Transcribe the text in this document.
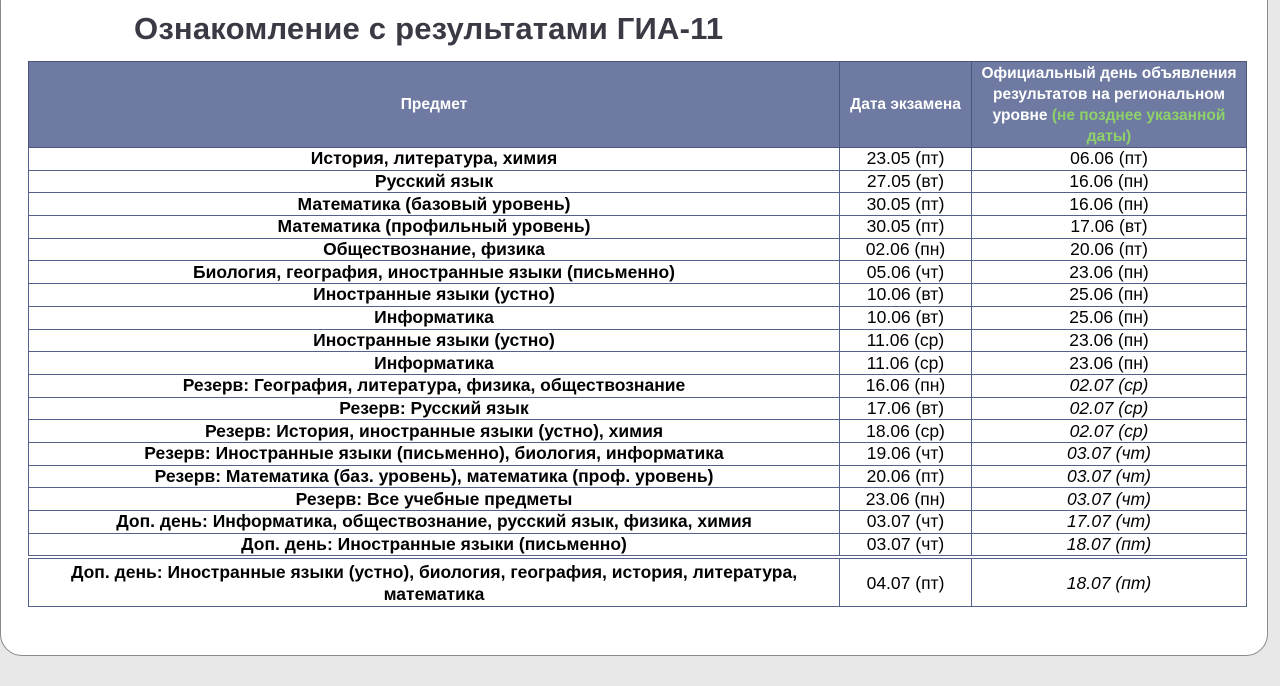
Ознакомление с результатами ГИА-11
Предмет	Дата экзамена	Официальный день объявления результатов на региональном уровне (не позднее указанной даты)
История, литература, химия	23.05 (пт)	06.06 (пт)
Русский язык	27.05 (вт)	16.06 (пн)
Математика (базовый уровень)	30.05 (пт)	16.06 (пн)
Математика (профильный уровень)	30.05 (пт)	17.06 (вт)
Обществознание, физика	02.06 (пн)	20.06 (пт)
Биология, география, иностранные языки (письменно)	05.06 (чт)	23.06 (пн)
Иностранные языки (устно)	10.06 (вт)	25.06 (пн)
Информатика	10.06 (вт)	25.06 (пн)
Иностранные языки (устно)	11.06 (ср)	23.06 (пн)
Информатика	11.06 (ср)	23.06 (пн)
Резерв: География, литература, физика, обществознание	16.06 (пн)	02.07 (ср)
Резерв: Русский язык	17.06 (вт)	02.07 (ср)
Резерв: История, иностранные языки (устно), химия	18.06 (ср)	02.07 (ср)
Резерв: Иностранные языки (письменно), биология, информатика	19.06 (чт)	03.07 (чт)
Резерв: Математика (баз. уровень), математика (проф. уровень)	20.06 (пт)	03.07 (чт)
Резерв: Все учебные предметы	23.06 (пн)	03.07 (чт)
Доп. день: Информатика, обществознание, русский язык, физика, химия	03.07 (чт)	17.07 (чт)
Доп. день: Иностранные языки (письменно)	03.07 (чт)	18.07 (пт)
Доп. день: Иностранные языки (устно), биология, география, история, литература, математика	04.07 (пт)	18.07 (пт)
